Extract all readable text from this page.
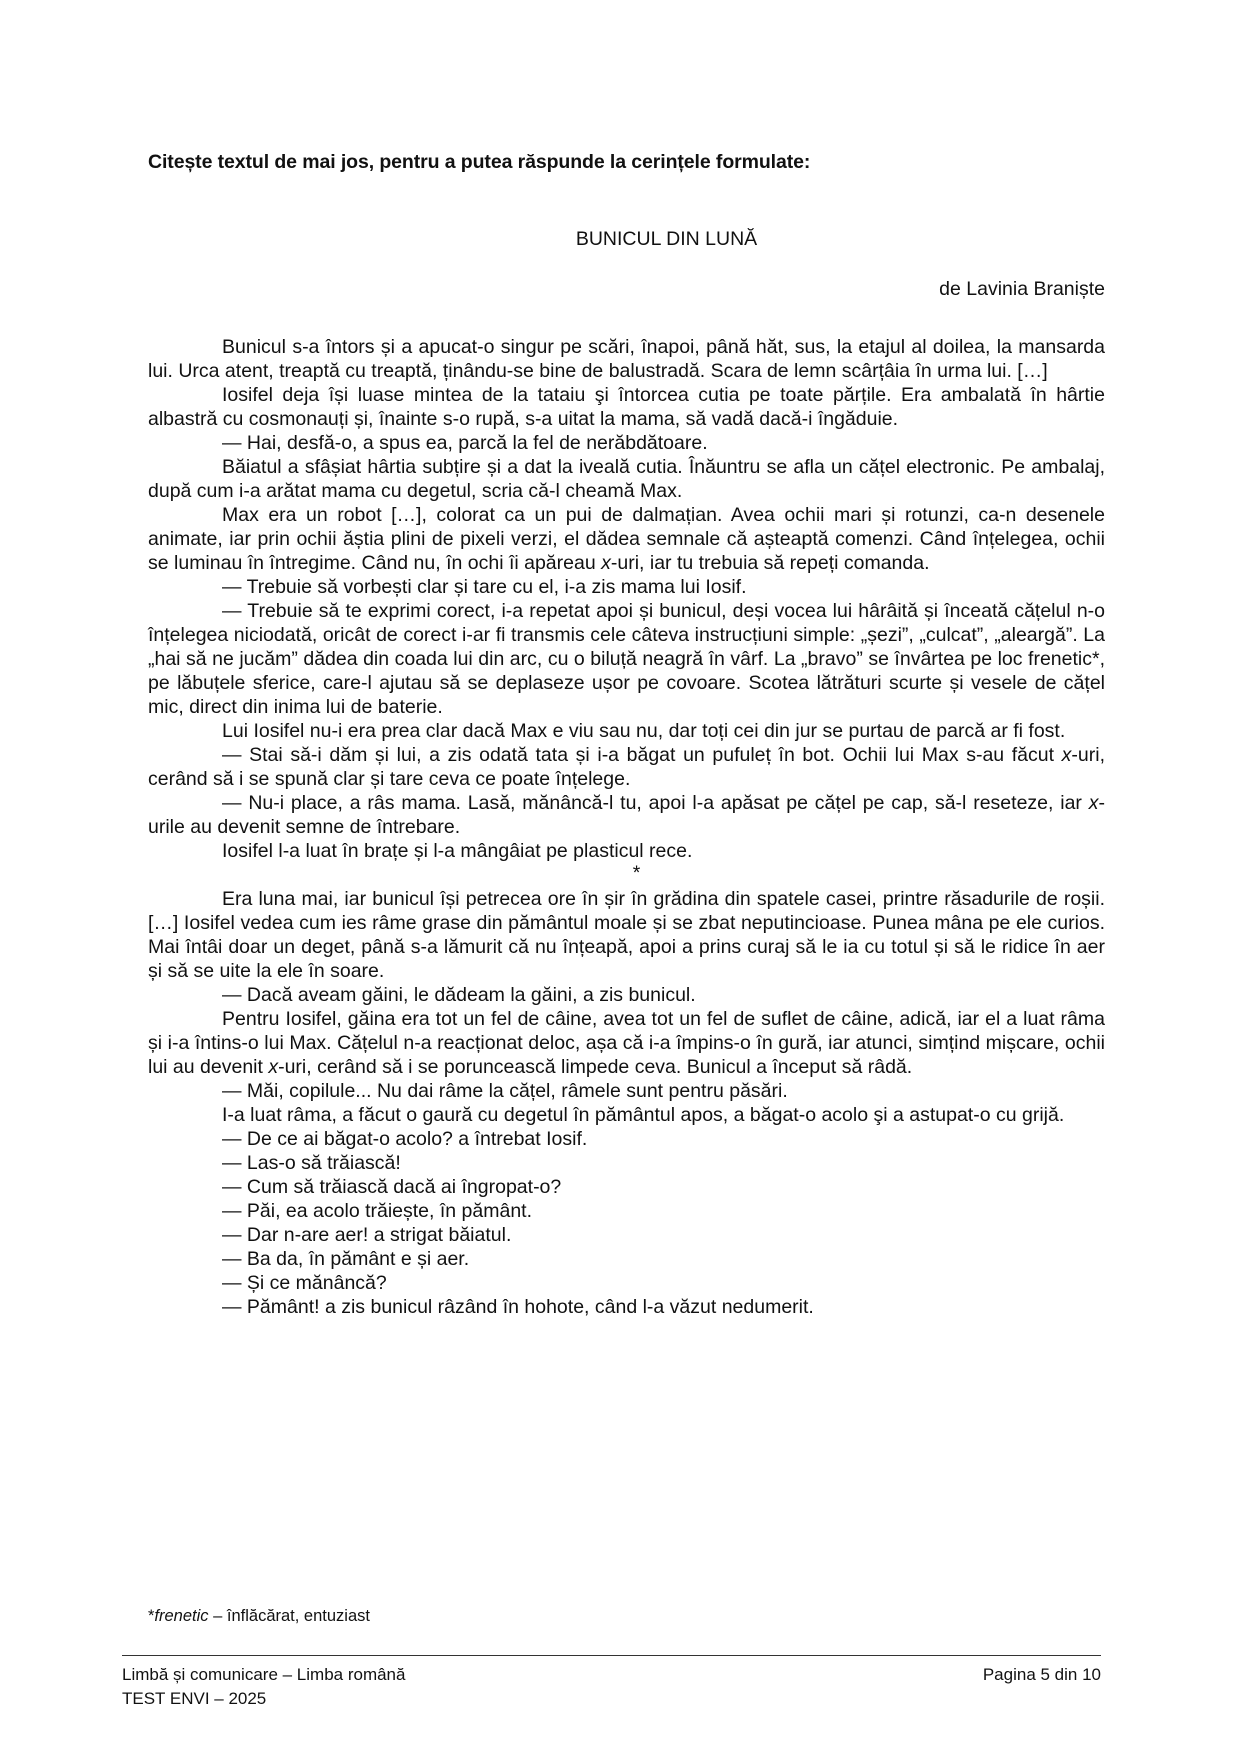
Citește textul de mai jos, pentru a putea răspunde la cerințele formulate:
BUNICUL DIN LUNĂ
de Lavinia Braniște

Bunicul s-a întors și a apucat-o singur pe scări, înapoi, până hăt, sus, la etajul al doilea, la mansarda lui. Urca atent, treaptă cu treaptă, ținându-se bine de balustradă. Scara de lemn scârțâia în urma lui. […]

Iosifel deja își luase mintea de la tataiu şi întorcea cutia pe toate părțile. Era ambalată în hârtie albastră cu cosmonauți și, înainte s-o rupă, s-a uitat la mama, să vadă dacă-i îngăduie.

— Hai, desfă-o, a spus ea, parcă la fel de nerăbdătoare.

Băiatul a sfâșiat hârtia subțire și a dat la iveală cutia. Înăuntru se afla un cățel electronic. Pe ambalaj, după cum i-a arătat mama cu degetul, scria că-l cheamă Max.

Max era un robot […], colorat ca un pui de dalmațian. Avea ochii mari și rotunzi, ca-n desenele animate, iar prin ochii ăștia plini de pixeli verzi, el dădea semnale că așteaptă comenzi. Când înțelegea, ochii se luminau în întregime. Când nu, în ochi îi apăreau x-uri, iar tu trebuia să repeți comanda.

— Trebuie să vorbești clar și tare cu el, i-a zis mama lui Iosif.

— Trebuie să te exprimi corect, i-a repetat apoi și bunicul, deși vocea lui hârâită și înceată cățelul n-o înțelegea niciodată, oricât de corect i-ar fi transmis cele câteva instrucțiuni simple: „șezi”, „culcat”, „aleargă”. La „hai să ne jucăm” dădea din coada lui din arc, cu o biluță neagră în vârf. La „bravo” se învârtea pe loc frenetic*, pe lăbuțele sferice, care-l ajutau să se deplaseze ușor pe covoare. Scotea lătrături scurte și vesele de cățel mic, direct din inima lui de baterie.

Lui Iosifel nu-i era prea clar dacă Max e viu sau nu, dar toți cei din jur se purtau de parcă ar fi fost.

— Stai să-i dăm și lui, a zis odată tata și i-a băgat un pufuleț în bot. Ochii lui Max s-au făcut x-uri, cerând să i se spună clar și tare ceva ce poate înțelege.

— Nu-i place, a râs mama. Lasă, mănâncă-l tu, apoi l-a apăsat pe cățel pe cap, să-l reseteze, iar x-urile au devenit semne de întrebare.

Iosifel l-a luat în brațe și l-a mângâiat pe plasticul rece.

*

Era luna mai, iar bunicul își petrecea ore în șir în grădina din spatele casei, printre răsadurile de roșii. […] Iosifel vedea cum ies râme grase din pământul moale și se zbat neputincioase. Punea mâna pe ele curios. Mai întâi doar un deget, până s-a lămurit că nu înțeapă, apoi a prins curaj să le ia cu totul și să le ridice în aer și să se uite la ele în soare.

— Dacă aveam găini, le dădeam la găini, a zis bunicul.

Pentru Iosifel, găina era tot un fel de câine, avea tot un fel de suflet de câine, adică, iar el a luat râma și i-a întins-o lui Max. Cățelul n-a reacționat deloc, așa că i-a împins-o în gură, iar atunci, simțind mișcare, ochii lui au devenit x-uri, cerând să i se poruncească limpede ceva. Bunicul a început să râdă.

— Măi, copilule... Nu dai râme la cățel, râmele sunt pentru păsări.

I-a luat râma, a făcut o gaură cu degetul în pământul apos, a băgat-o acolo şi a astupat-o cu grijă.

— De ce ai băgat-o acolo? a întrebat Iosif.

— Las-o să trăiască!

— Cum să trăiască dacă ai îngropat-o?

— Păi, ea acolo trăiește, în pământ.

— Dar n-are aer! a strigat băiatul.

— Ba da, în pământ e și aer.

— Și ce mănâncă?

— Pământ! a zis bunicul râzând în hohote, când l-a văzut nedumerit.

*frenetic – înflăcărat, entuziast
Limbă și comunicare – Limba română
TEST ENVI – 2025
Pagina 5 din 10
